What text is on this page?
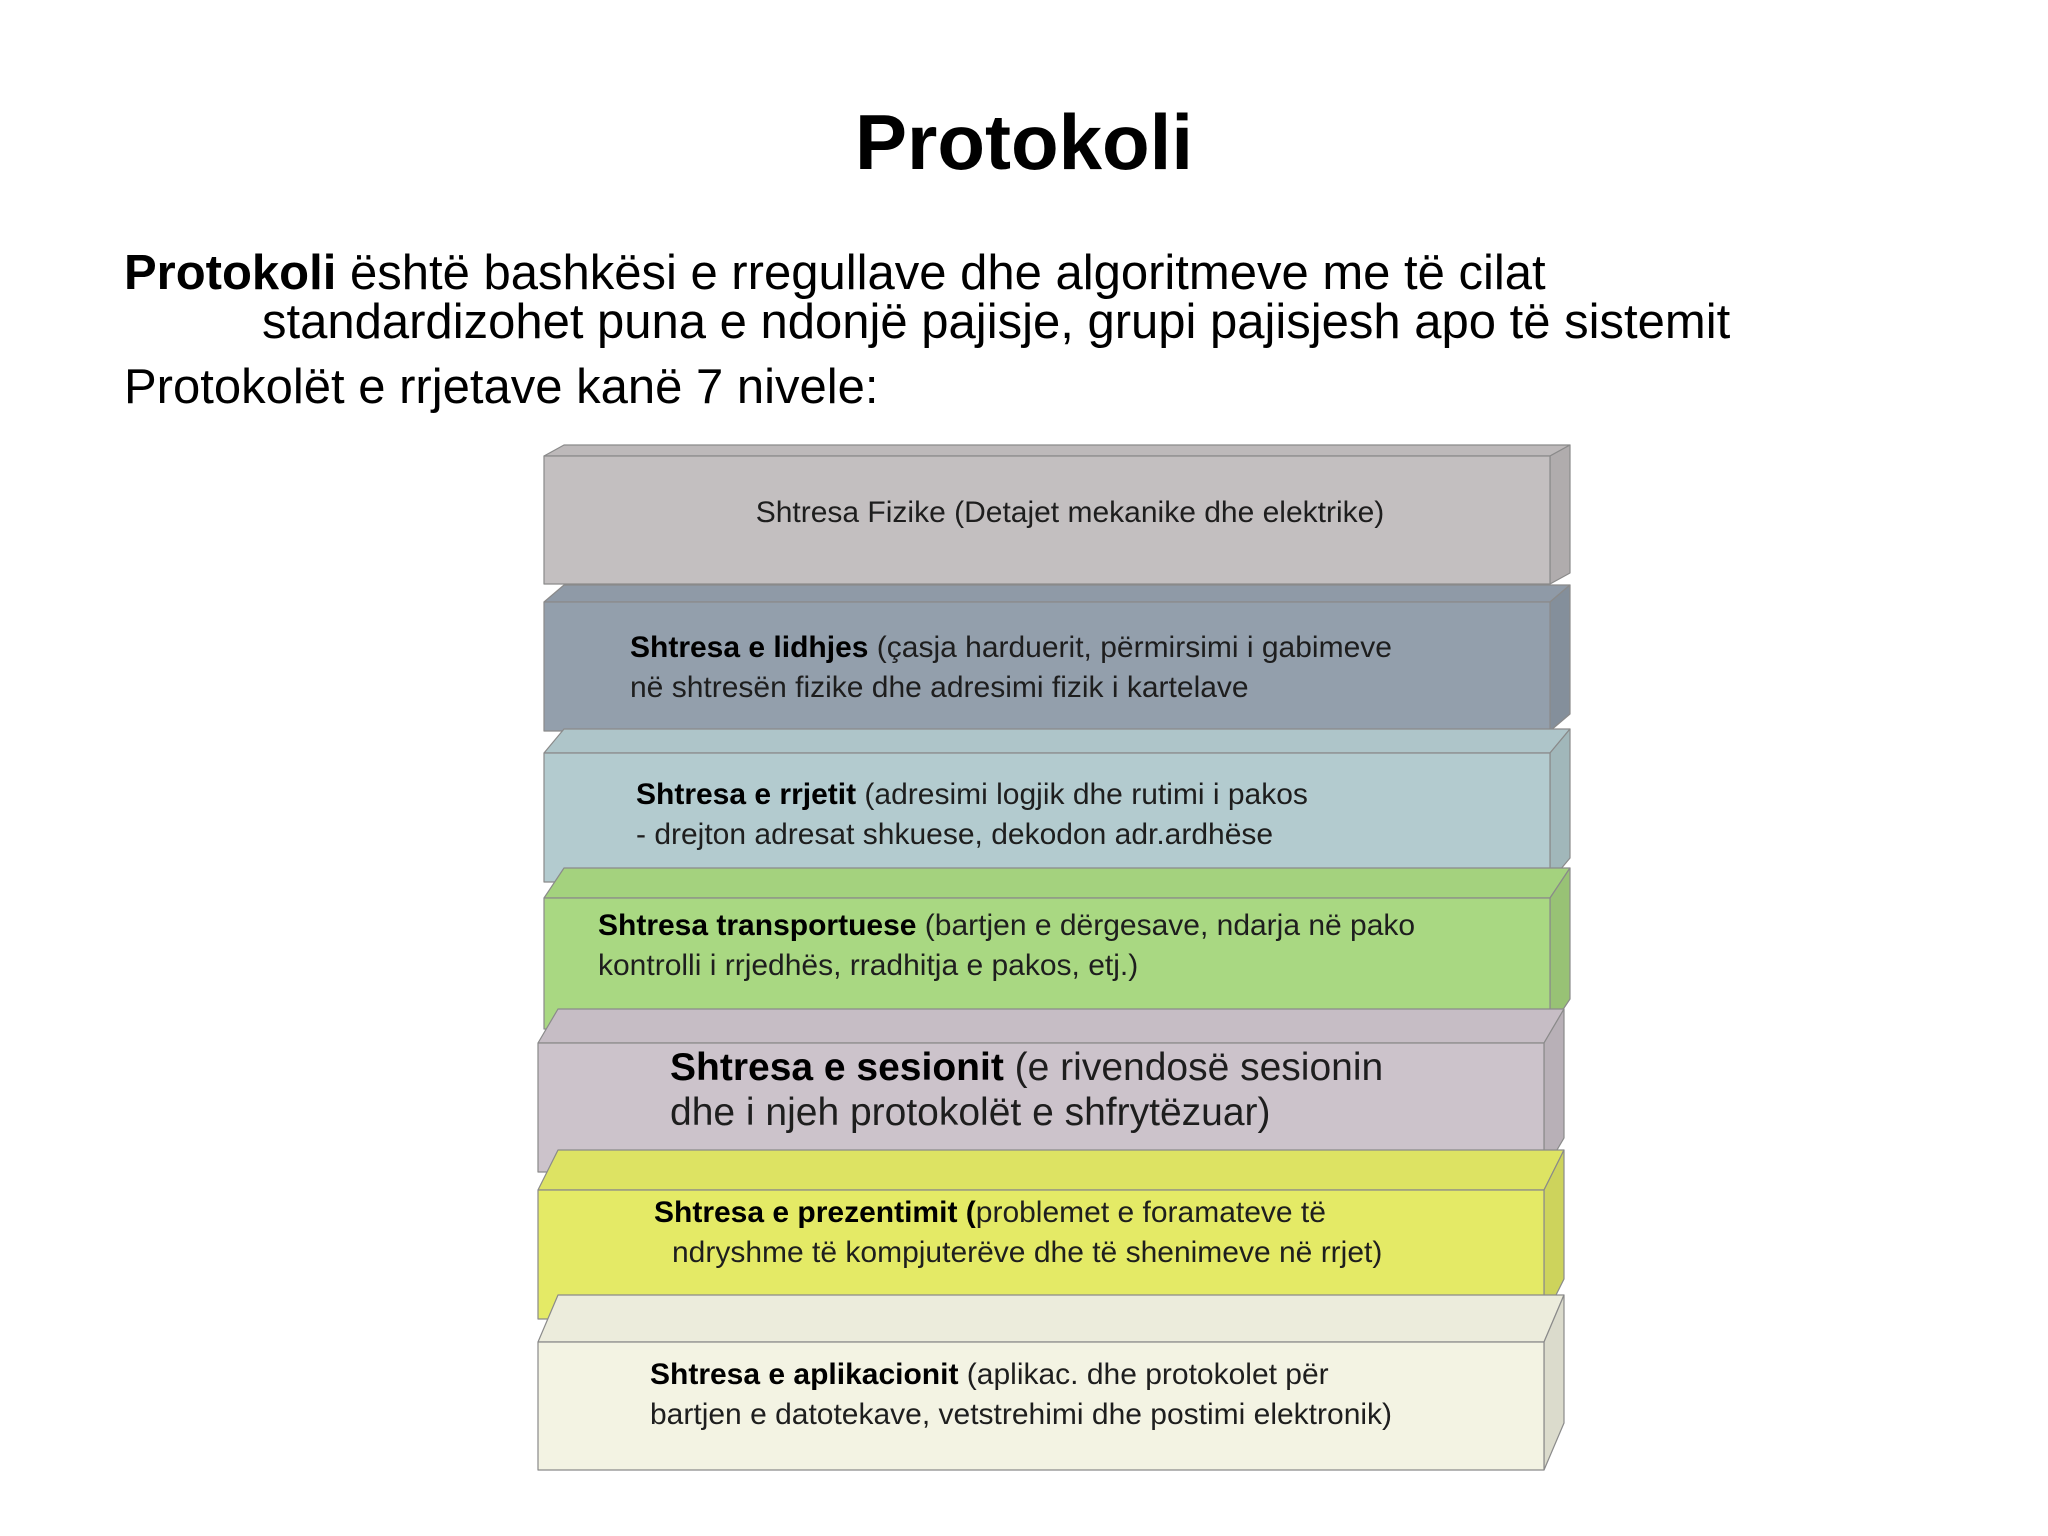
Protokoli
Protokoli është bashkësi e rregullave dhe algoritmeve me të cilat
standardizohet puna e ndonjë pajisje, grupi pajisjesh apo të sistemit
Protokolët e rrjetave kanë 7 nivele:
Shtresa Fizike (Detajet mekanike dhe elektrike)
Shtresa e lidhjes (çasja harduerit, përmirsimi i gabimeve
në shtresën fizike dhe adresimi fizik i kartelave
Shtresa e rrjetit (adresimi logjik dhe rutimi i pakos
- drejton adresat shkuese, dekodon adr.ardhëse
Shtresa transportuese (bartjen e dërgesave, ndarja në pako
kontrolli i rrjedhës, rradhitja e pakos, etj.)
Shtresa e sesionit (e rivendosë sesionin
dhe i njeh protokolët e shfrytëzuar)
Shtresa e prezentimit (problemet e foramateve të
ndryshme të kompjuterëve dhe të shenimeve në rrjet)
Shtresa e aplikacionit (aplikac. dhe protokolet për
bartjen e datotekave, vetstrehimi dhe postimi elektronik)
